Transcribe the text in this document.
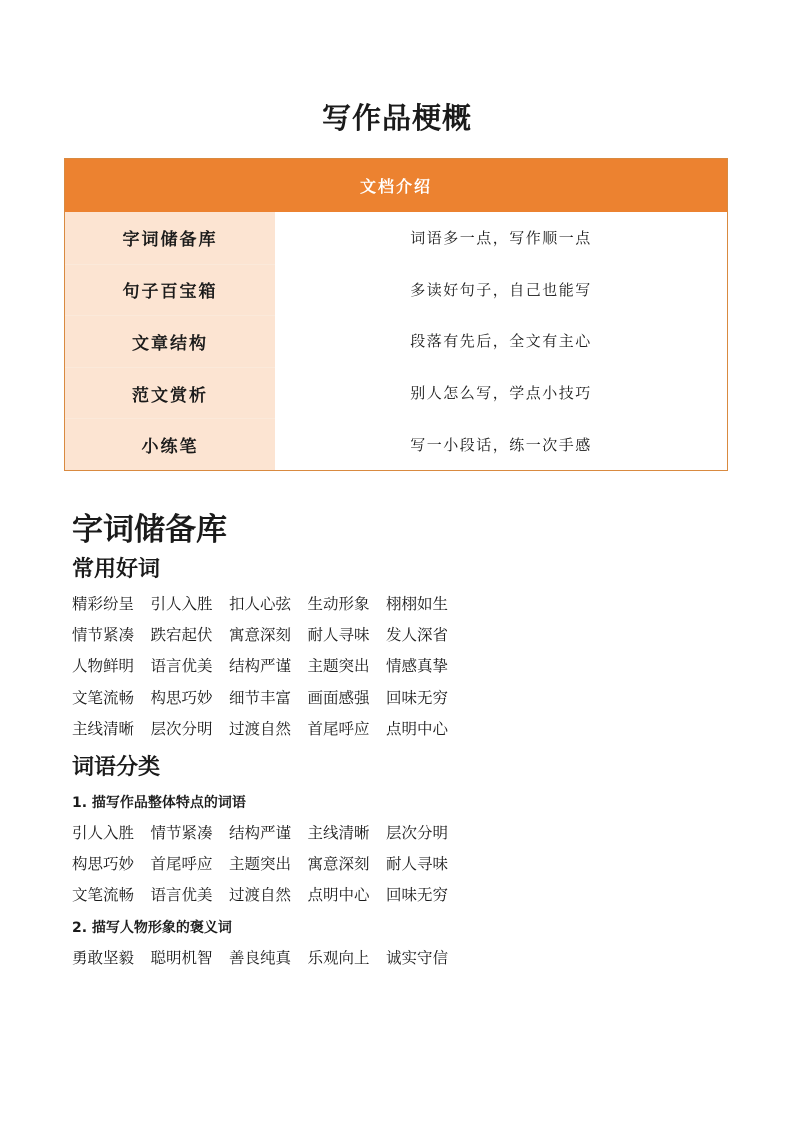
写作品梗概
文档介绍
字词储备库	词语多一点，写作顺一点
句子百宝箱	多读好句子，自己也能写
文章结构	段落有先后，全文有主心
范文赏析	别人怎么写，学点小技巧
小练笔	写一小段话，练一次手感
字词储备库
常用好词
精彩纷呈	引人入胜	扣人心弦	生动形象	栩栩如生
情节紧凑	跌宕起伏	寓意深刻	耐人寻味	发人深省
人物鲜明	语言优美	结构严谨	主题突出	情感真挚
文笔流畅	构思巧妙	细节丰富	画面感强	回味无穷
主线清晰	层次分明	过渡自然	首尾呼应	点明中心
词语分类
1. 描写作品整体特点的词语
引人入胜	情节紧凑	结构严谨	主线清晰	层次分明
构思巧妙	首尾呼应	主题突出	寓意深刻	耐人寻味
文笔流畅	语言优美	过渡自然	点明中心	回味无穷
2. 描写人物形象的褒义词
勇敢坚毅	聪明机智	善良纯真	乐观向上	诚实守信
